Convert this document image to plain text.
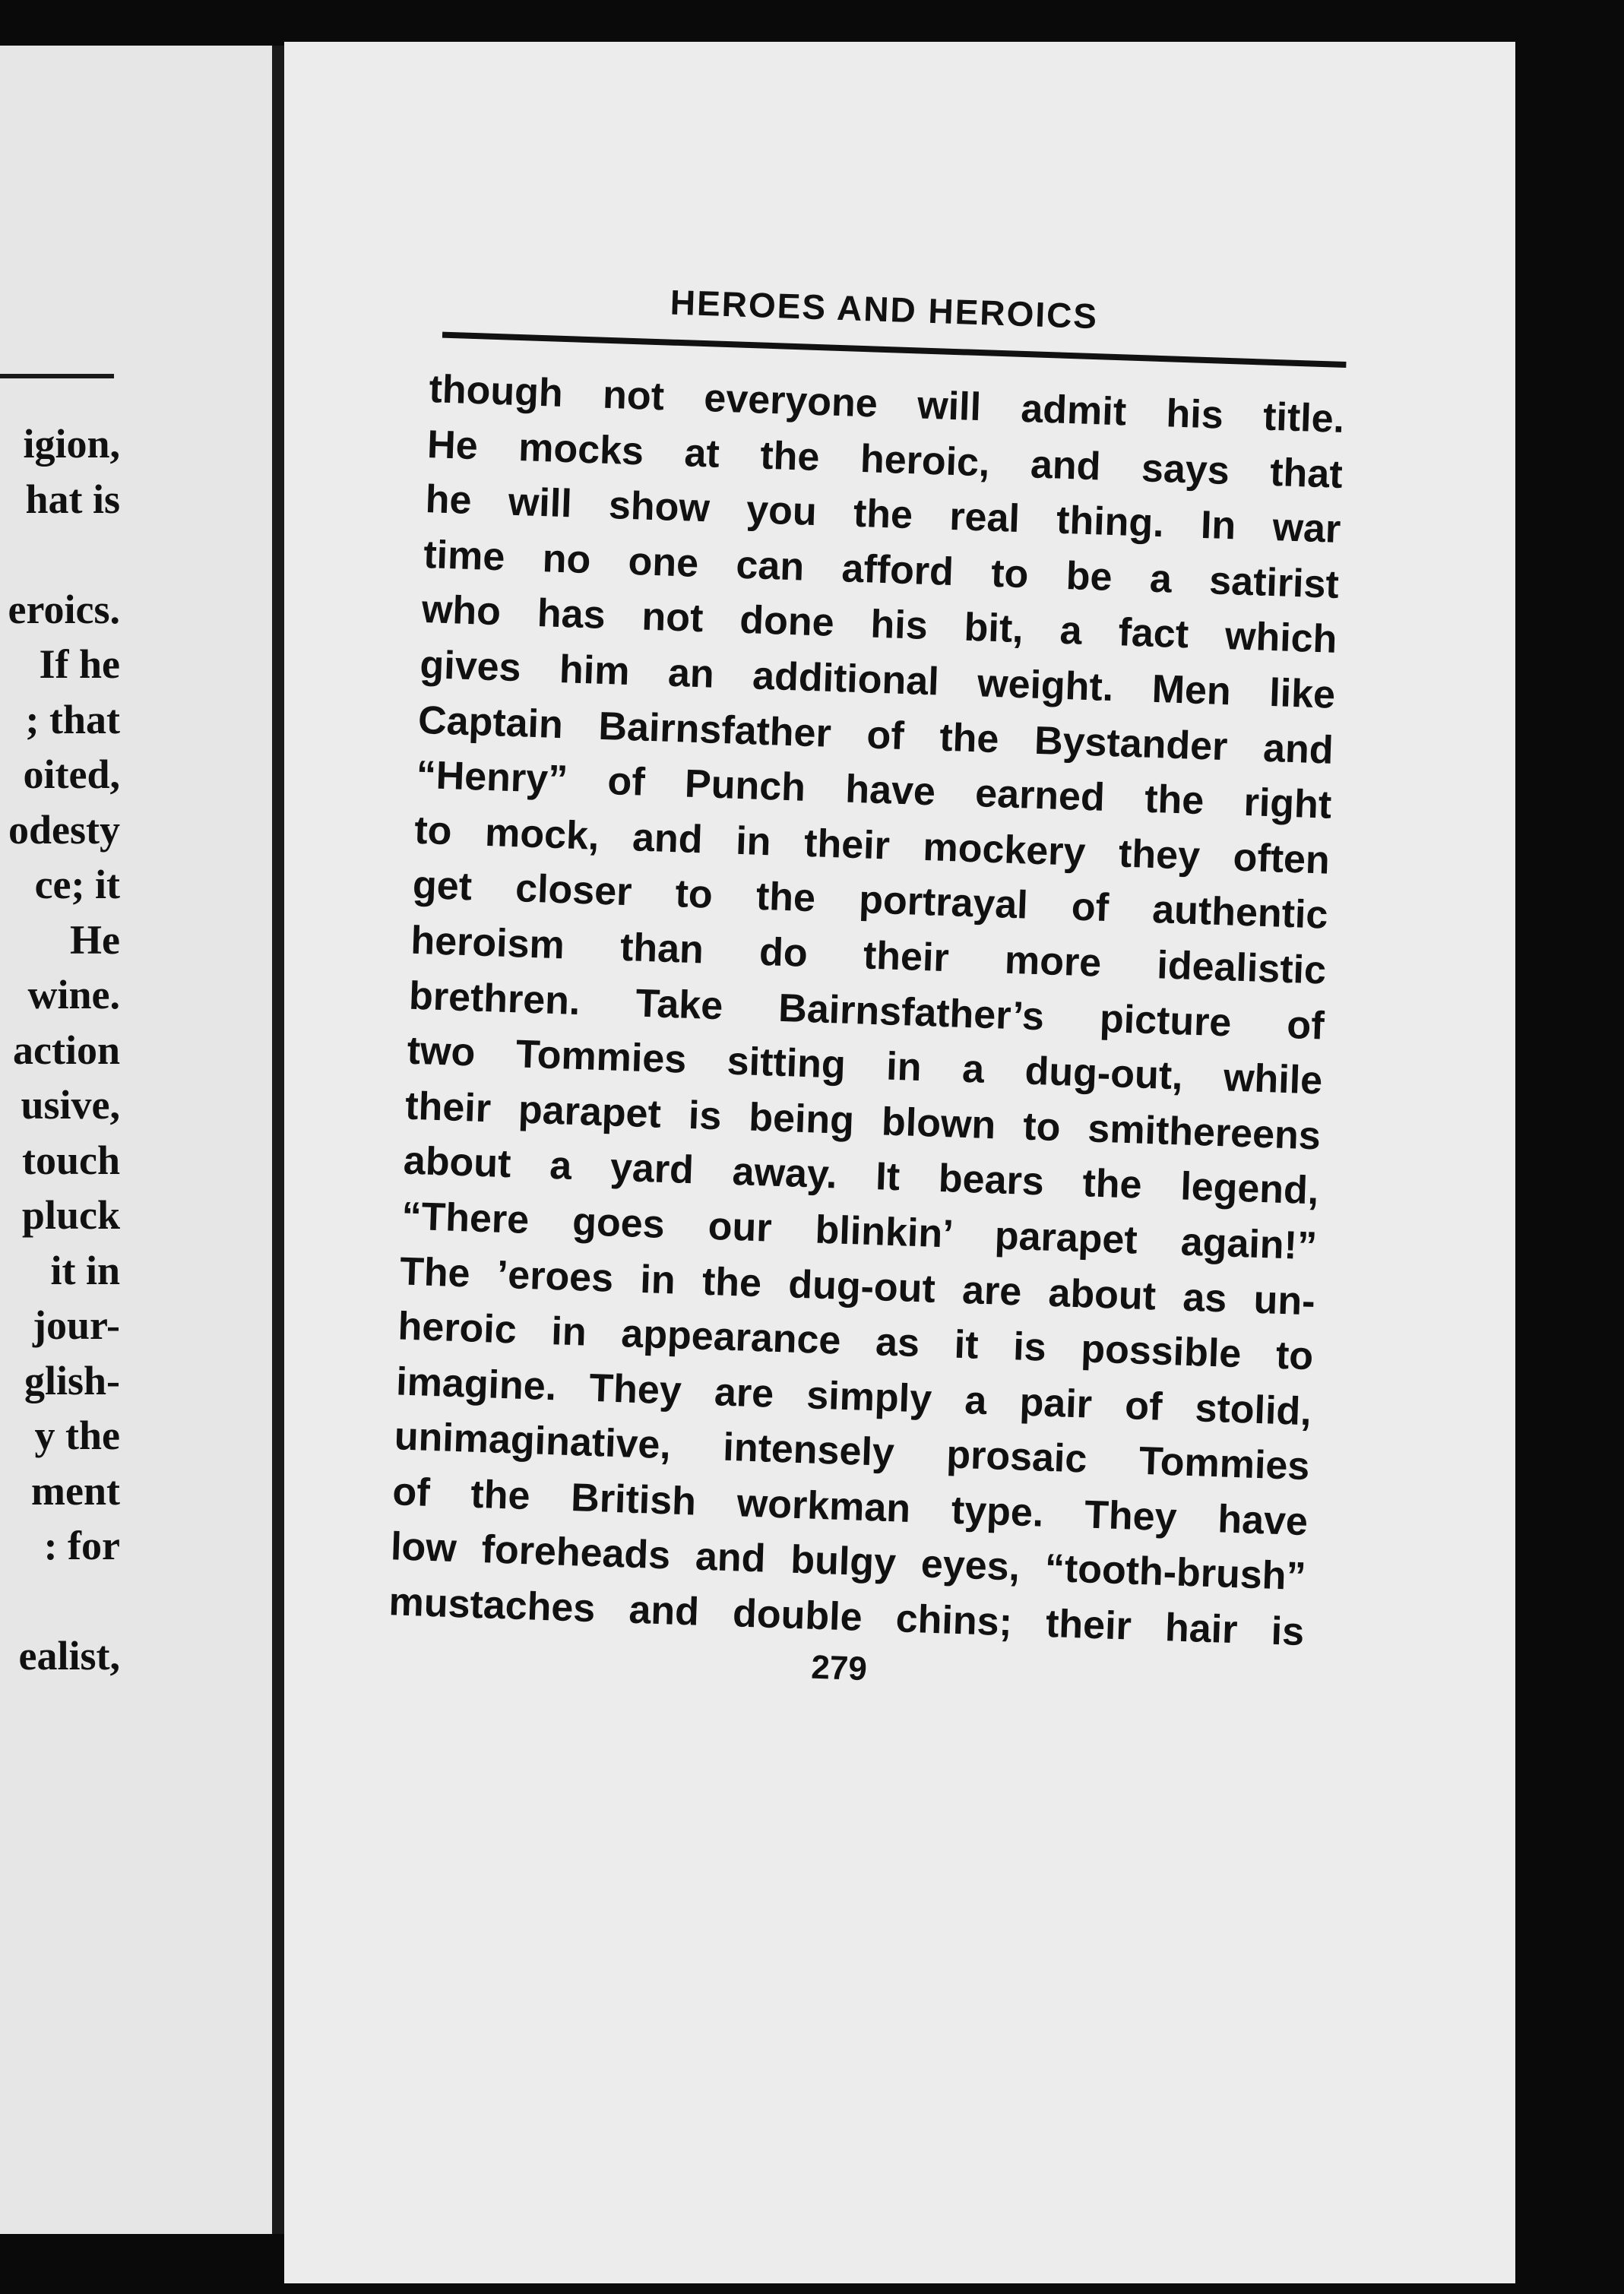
igion,
hat is
eroics.
If he
; that
oited,
odesty
ce; it
He
wine.
action
usive,
touch
pluck
it in
jour-
glish-
y the
ment
: for
ealist,
HEROES AND HEROICS
though not everyone will admit his title.
He mocks at the heroic, and says that
he will show you the real thing. In war
time no one can afford to be a satirist
who has not done his bit, a fact which
gives him an additional weight. Men like
Captain Bairnsfather of the Bystander and
“Henry” of Punch have earned the right
to mock, and in their mockery they often
get closer to the portrayal of authentic
heroism than do their more idealistic
brethren. Take Bairnsfather’s picture of
two Tommies sitting in a dug-out, while
their parapet is being blown to smithereens
about a yard away. It bears the legend,
“There goes our blinkin’ parapet again!”
The ’eroes in the dug-out are about as un-
heroic in appearance as it is possible to
imagine. They are simply a pair of stolid,
unimaginative, intensely prosaic Tommies
of the British workman type. They have
low foreheads and bulgy eyes, “tooth-brush”
mustaches and double chins; their hair is
279
